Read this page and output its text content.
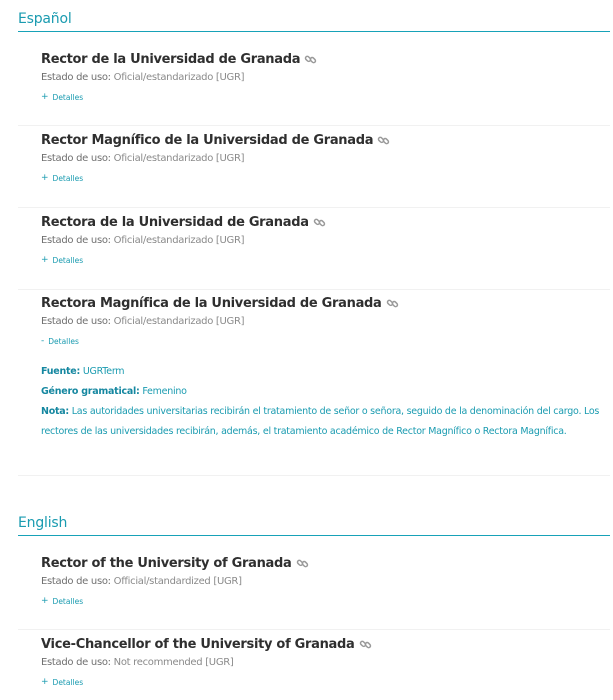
Español
Rector de la Universidad de Granada
Estado de uso: Oficial/estandarizado [UGR]
+ Detalles
Rector Magnífico de la Universidad de Granada
Estado de uso: Oficial/estandarizado [UGR]
+ Detalles
Rectora de la Universidad de Granada
Estado de uso: Oficial/estandarizado [UGR]
+ Detalles
Rectora Magnífica de la Universidad de Granada
Estado de uso: Oficial/estandarizado [UGR]
- Detalles
Fuente: UGRTerm
Género gramatical: Femenino
Nota: Las autoridades universitarias recibirán el tratamiento de señor o señora, seguido de la denominación del cargo. Los rectores de las universidades recibirán, además, el tratamiento académico de Rector Magnífico o Rectora Magnífica.
English
Rector of the University of Granada
Estado de uso: Official/standardized [UGR]
+ Detalles
Vice-Chancellor of the University of Granada
Estado de uso: Not recommended [UGR]
+ Detalles
